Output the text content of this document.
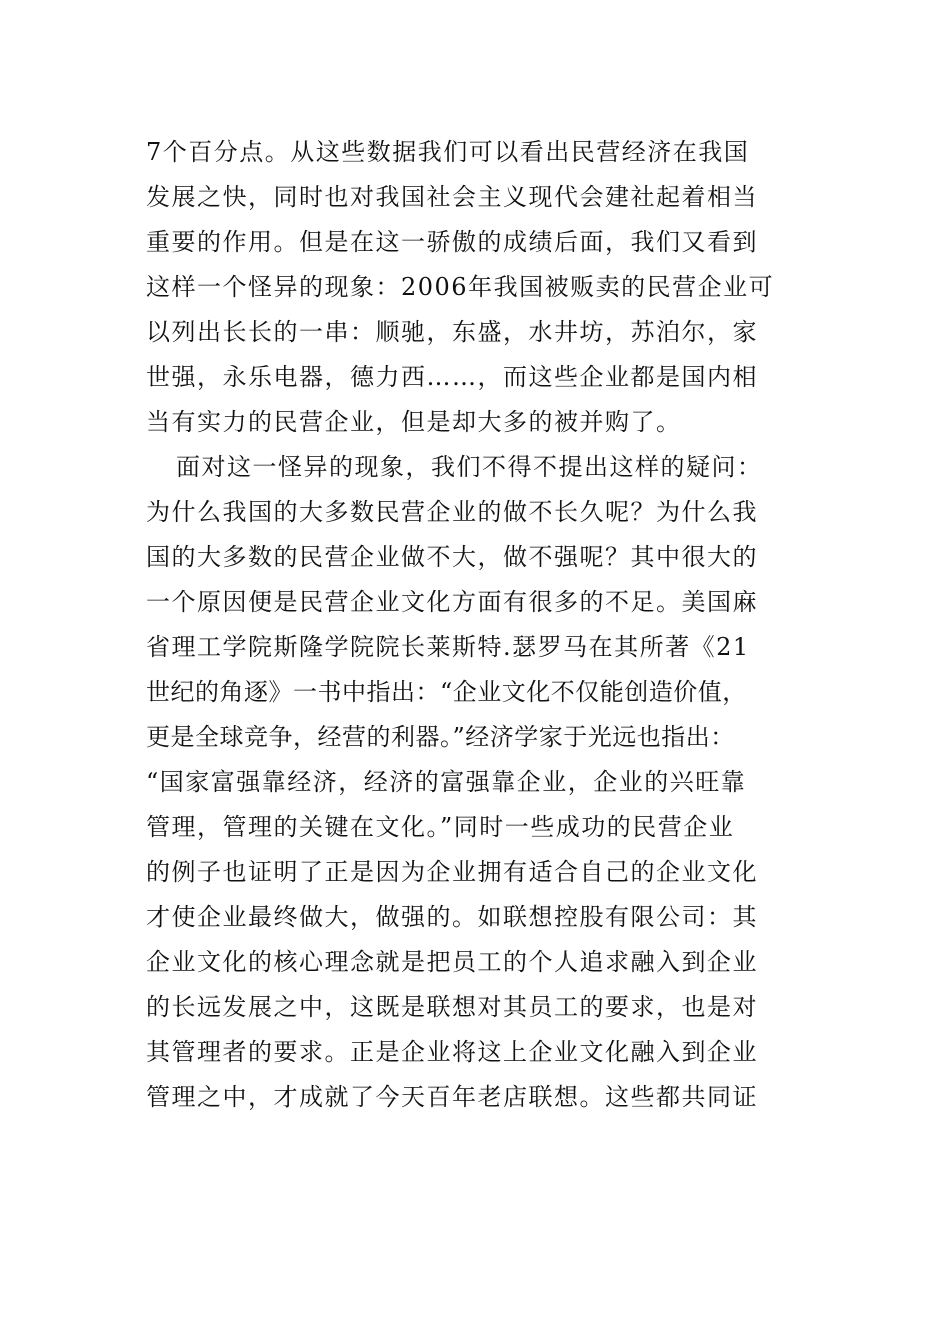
7个百分点。从这些数据我们可以看出民营经济在我国
发展之快，同时也对我国社会主义现代会建社起着相当
重要的作用。但是在这一骄傲的成绩后面，我们又看到
这样一个怪异的现象：2006年我国被贩卖的民营企业可
以列出长长的一串：顺驰，东盛，水井坊，苏泊尔，家
世强，永乐电器，德力西……，而这些企业都是国内相
当有实力的民营企业，但是却大多的被并购了。
面对这一怪异的现象，我们不得不提出这样的疑问：
为什么我国的大多数民营企业的做不长久呢？为什么我
国的大多数的民营企业做不大，做不强呢？其中很大的
一个原因便是民营企业文化方面有很多的不足。美国麻
省理工学院斯隆学院院长莱斯特.瑟罗马在其所著《21
世纪的角逐》一书中指出：“企业文化不仅能创造价值，
更是全球竞争，经营的利器。”经济学家于光远也指出：
“国家富强靠经济，经济的富强靠企业，企业的兴旺靠
管理，管理的关键在文化。”同时一些成功的民营企业
的例子也证明了正是因为企业拥有适合自己的企业文化
才使企业最终做大，做强的。如联想控股有限公司：其
企业文化的核心理念就是把员工的个人追求融入到企业
的长远发展之中，这既是联想对其员工的要求，也是对
其管理者的要求。正是企业将这上企业文化融入到企业
管理之中，才成就了今天百年老店联想。这些都共同证
